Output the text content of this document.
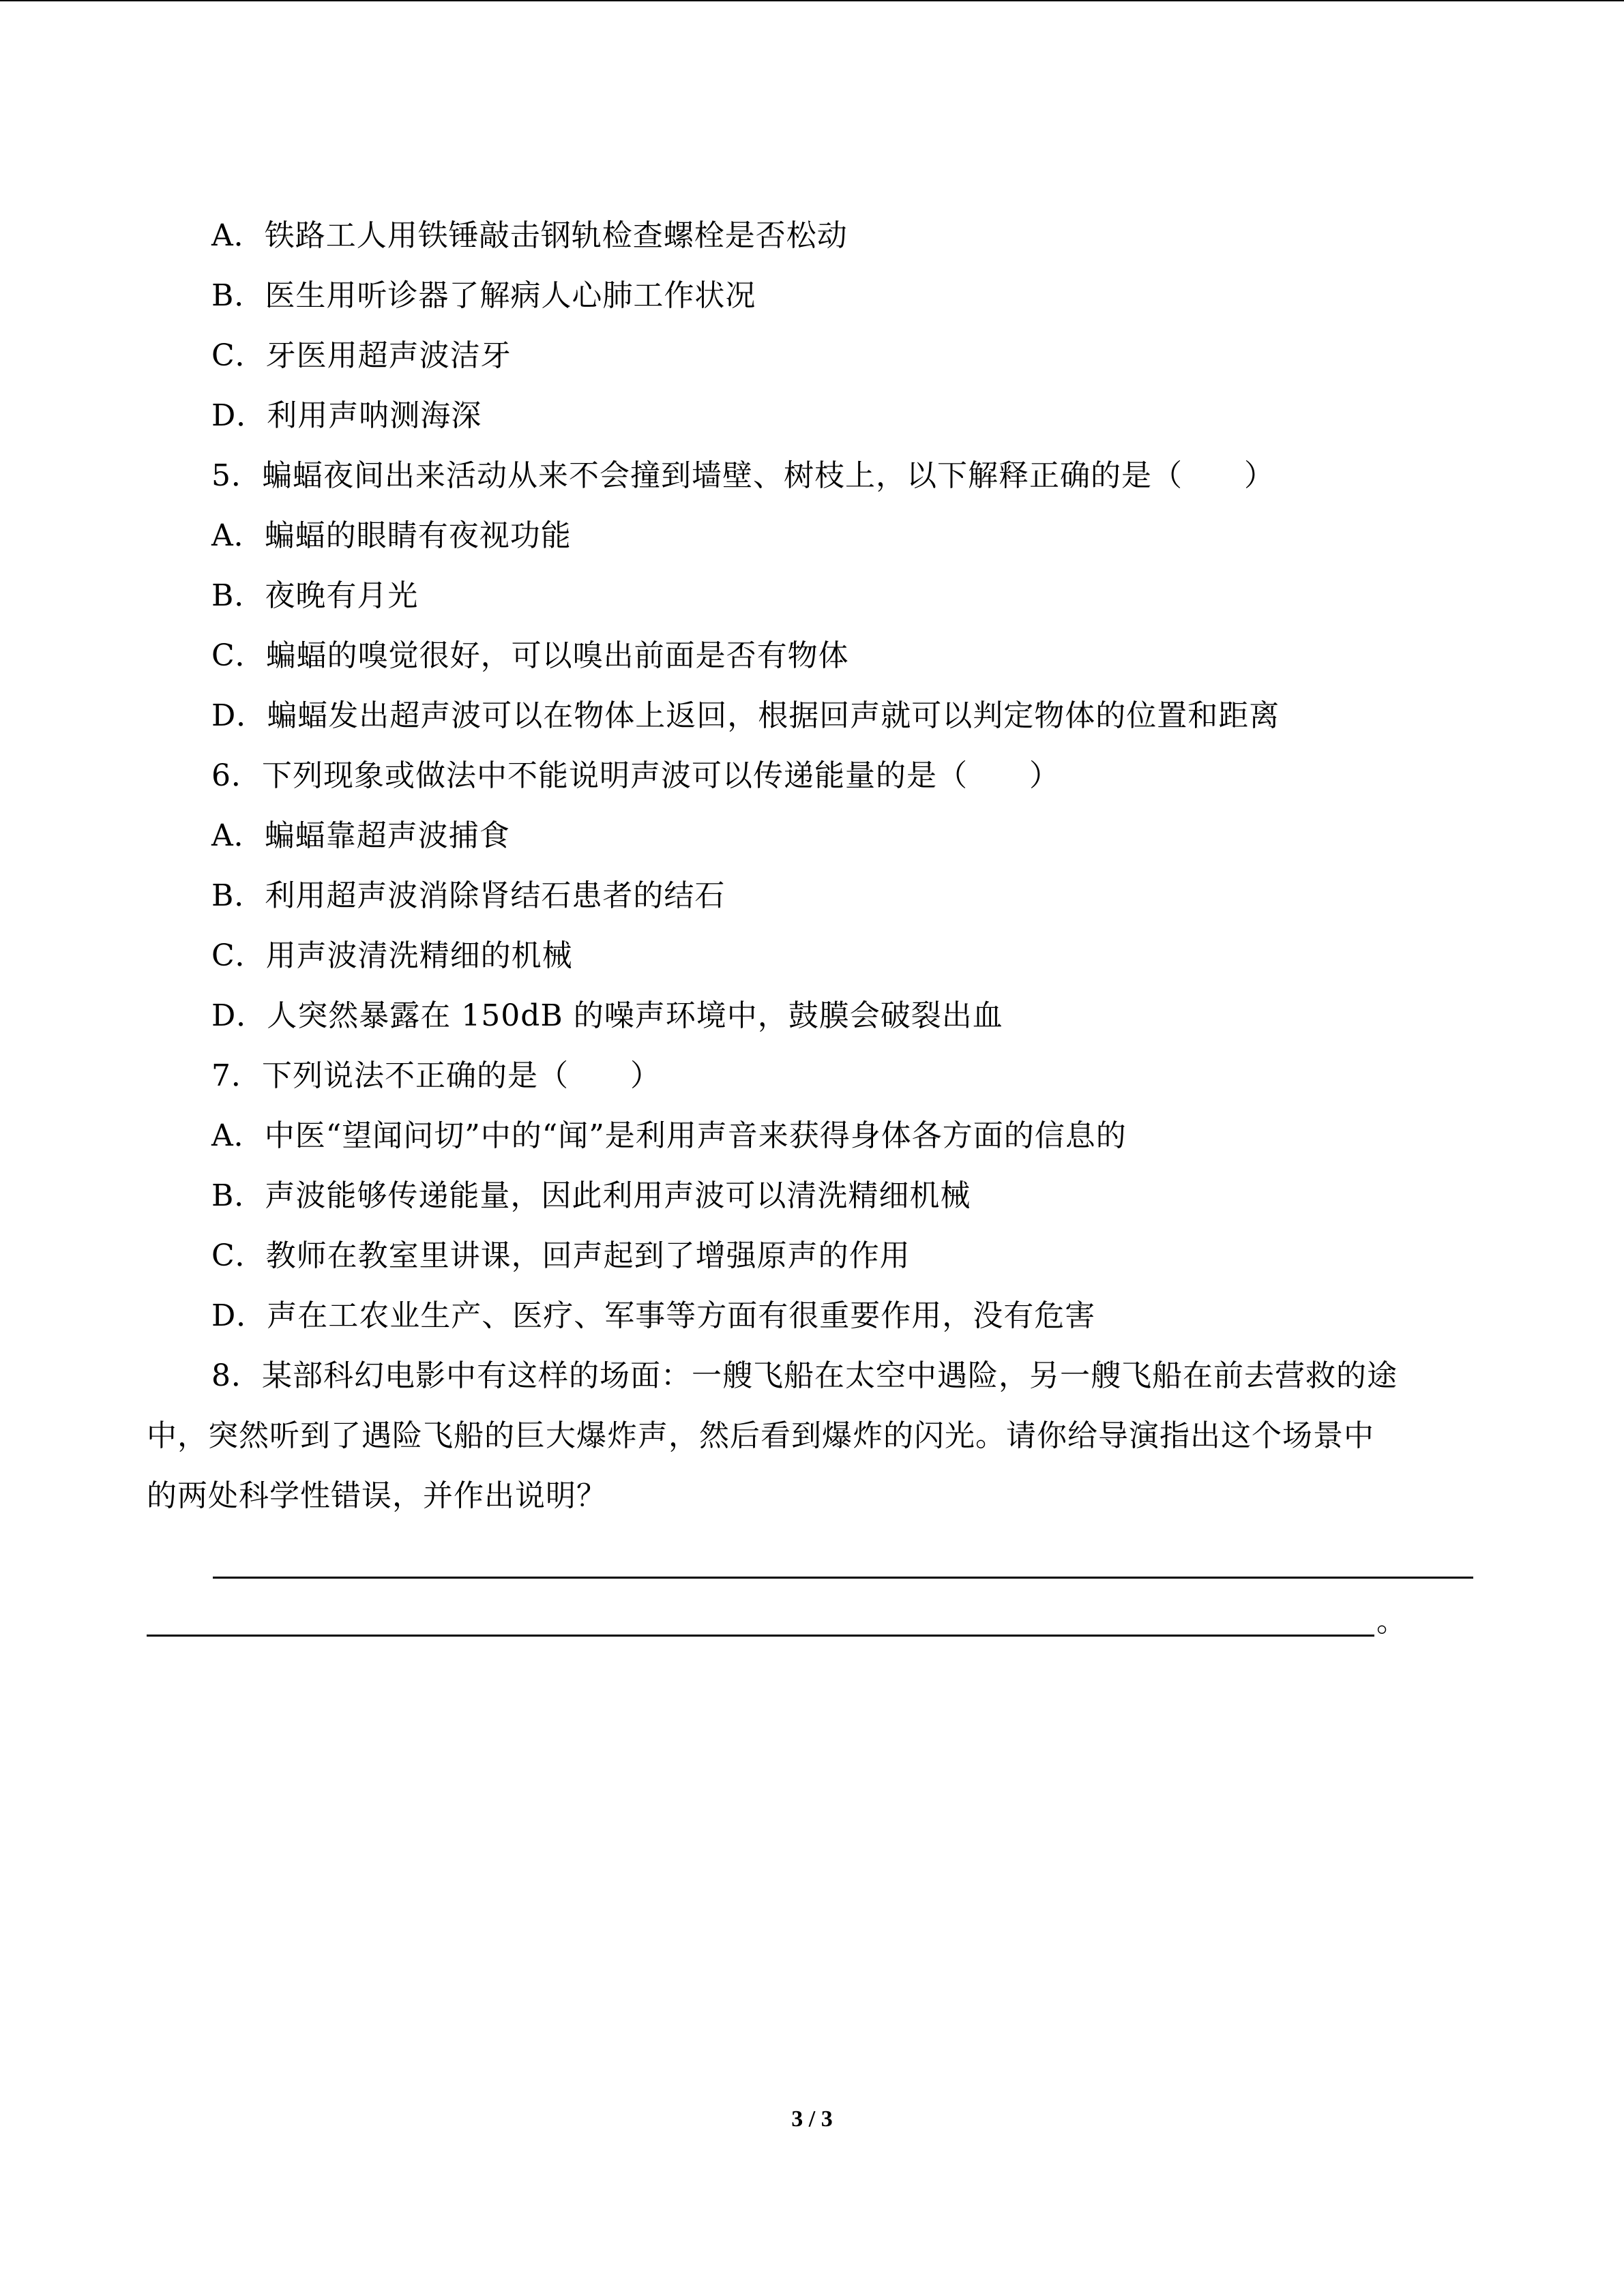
A．铁路工人用铁锤敲击钢轨检查螺栓是否松动
B．医生用听诊器了解病人心肺工作状况
C．牙医用超声波洁牙
D．利用声呐测海深
5．蝙蝠夜间出来活动从来不会撞到墙壁、树枝上，以下解释正确的是（　　）
A．蝙蝠的眼睛有夜视功能
B．夜晚有月光
C．蝙蝠的嗅觉很好，可以嗅出前面是否有物体
D．蝙蝠发出超声波可以在物体上返回，根据回声就可以判定物体的位置和距离
6．下列现象或做法中不能说明声波可以传递能量的是（　　）
A．蝙蝠靠超声波捕食
B．利用超声波消除肾结石患者的结石
C．用声波清洗精细的机械
D．人突然暴露在 150dB 的噪声环境中，鼓膜会破裂出血
7．下列说法不正确的是（　　）
A．中医“望闻问切”中的“闻”是利用声音来获得身体各方面的信息的
B．声波能够传递能量，因此利用声波可以清洗精细机械
C．教师在教室里讲课，回声起到了增强原声的作用
D．声在工农业生产、医疗、军事等方面有很重要作用，没有危害
8．某部科幻电影中有这样的场面：一艘飞船在太空中遇险，另一艘飞船在前去营救的途
中，突然听到了遇险飞船的巨大爆炸声，然后看到爆炸的闪光。请你给导演指出这个场景中
的两处科学性错误，并作出说明？
。
3 / 3
